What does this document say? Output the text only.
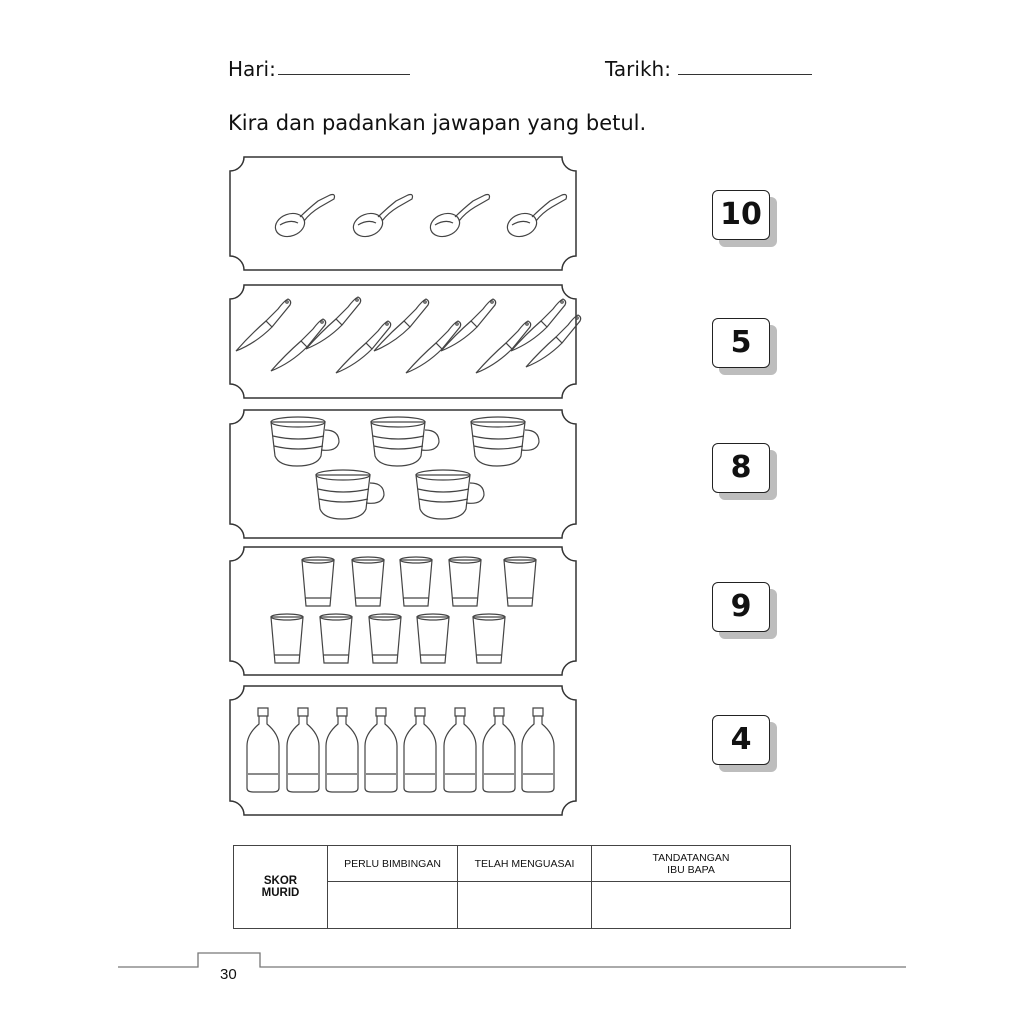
Hari:	Tarikh:
Kira dan padankan jawapan yang betul.
10
5
8
9
4
SKOR MURID	PERLU BIMBINGAN	TELAH MENGUASAI	TANDATANGAN IBU BAPA

30
